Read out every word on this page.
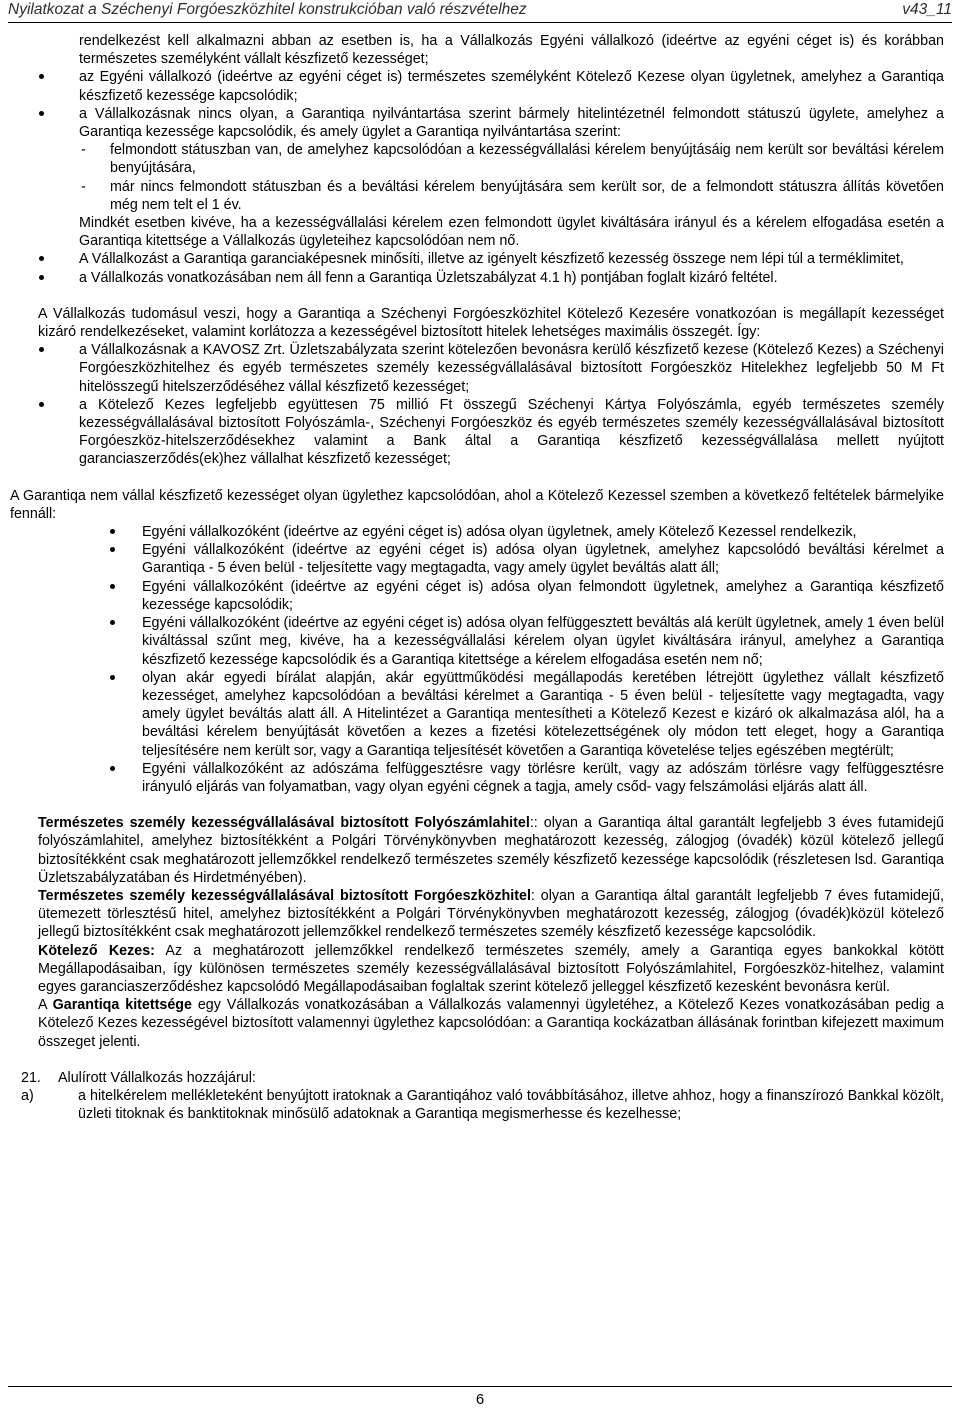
Nyilatkozat a Széchenyi Forgóeszközhitel konstrukcióban való részvételhez	v43_11

rendelkezést kell alkalmazni abban az esetben is, ha a Vállalkozás Egyéni vállalkozó (ideértve az egyéni céget is) és korábban természetes személyként vállalt készfizető kezességet;

az Egyéni vállalkozó (ideértve az egyéni céget is) természetes személyként Kötelező Kezese olyan ügyletnek, amelyhez a Garantiqa készfizető kezessége kapcsolódik;
a Vállalkozásnak nincs olyan, a Garantiqa nyilvántartása szerint bármely hitelintézetnél felmondott státuszú ügylete, amelyhez a Garantiqa kezessége kapcsolódik, és amely ügylet a Garantiqa nyilvántartása szerint:
- felmondott státuszban van, de amelyhez kapcsolódóan a kezességvállalási kérelem benyújtásáig nem került sor beváltási kérelem benyújtására,
- már nincs felmondott státuszban és a beváltási kérelem benyújtására sem került sor, de a felmondott státuszra állítás követően még nem telt el 1 év.

Mindkét esetben kivéve, ha a kezességvállalási kérelem ezen felmondott ügylet kiváltására irányul és a kérelem elfogadása esetén a Garantiqa kitettsége a Vállalkozás ügyleteihez kapcsolódóan nem nő.

A Vállalkozást a Garantiqa garanciaképesnek minősíti, illetve az igényelt készfizető kezesség összege nem lépi túl a terméklimitet,
a Vállalkozás vonatkozásában nem áll fenn a Garantiqa Üzletszabályzat 4.1 h) pontjában foglalt kizáró feltétel.

A Vállalkozás tudomásul veszi, hogy a Garantiqa a Széchenyi Forgóeszközhitel Kötelező Kezesére vonatkozóan is megállapít kezességet kizáró rendelkezéseket, valamint korlátozza a kezességével biztosított hitelek lehetséges maximális összegét. Így:

a Vállalkozásnak a KAVOSZ Zrt. Üzletszabályzata szerint kötelezően bevonásra kerülő készfizető kezese (Kötelező Kezes) a Széchenyi Forgóeszközhitelhez és egyéb természetes személy kezességvállalásával biztosított Forgóeszköz Hitelekhez legfeljebb 50 M Ft hitelösszegű hitelszerződéséhez vállal készfizető kezességet;
a Kötelező Kezes legfeljebb együttesen 75 millió Ft összegű Széchenyi Kártya Folyószámla, egyéb természetes személy kezességvállalásával biztosított Folyószámla-, Széchenyi Forgóeszköz és egyéb természetes személy kezességvállalásával biztosított Forgóeszköz-hitelszerződésekhez valamint a Bank által a Garantiqa készfizető kezességvállalása mellett nyújtott garanciaszerződés(ek)hez vállalhat készfizető kezességet;

A Garantiqa nem vállal készfizető kezességet olyan ügylethez kapcsolódóan, ahol a Kötelező Kezessel szemben a következő feltételek bármelyike fennáll:

Egyéni vállalkozóként (ideértve az egyéni céget is) adósa olyan ügyletnek, amely Kötelező Kezessel rendelkezik,
Egyéni vállalkozóként (ideértve az egyéni céget is) adósa olyan ügyletnek, amelyhez kapcsolódó beváltási kérelmet a Garantiqa - 5 éven belül - teljesítette vagy megtagadta, vagy amely ügylet beváltás alatt áll;
Egyéni vállalkozóként (ideértve az egyéni céget is) adósa olyan felmondott ügyletnek, amelyhez a Garantiqa készfizető kezessége kapcsolódik;
Egyéni vállalkozóként (ideértve az egyéni céget is) adósa olyan felfüggesztett beváltás alá került ügyletnek, amely 1 éven belül kiváltással szűnt meg, kivéve, ha a kezességvállalási kérelem olyan ügylet kiváltására irányul, amelyhez a Garantiqa készfizető kezessége kapcsolódik és a Garantiqa kitettsége a kérelem elfogadása esetén nem nő;
olyan akár egyedi bírálat alapján, akár együttműködési megállapodás keretében létrejött ügylethez vállalt készfizető kezességet, amelyhez kapcsolódóan a beváltási kérelmet a Garantiqa - 5 éven belül - teljesítette vagy megtagadta, vagy amely ügylet beváltás alatt áll. A Hitelintézet a Garantiqa mentesítheti a Kötelező Kezest e kizáró ok alkalmazása alól, ha a beváltási kérelem benyújtását követően a kezes a fizetési kötelezettségének oly módon tett eleget, hogy a Garantiqa teljesítésére nem került sor, vagy a Garantiqa teljesítését követően a Garantiqa követelése teljes egészében megtérült;
Egyéni vállalkozóként az adószáma felfüggesztésre vagy törlésre került, vagy az adószám törlésre vagy felfüggesztésre irányuló eljárás van folyamatban, vagy olyan egyéni cégnek a tagja, amely csőd- vagy felszámolási eljárás alatt áll.

Természetes személy kezességvállalásával biztosított Folyószámlahitel:: olyan a Garantiqa által garantált legfeljebb 3 éves futamidejű folyószámlahitel, amelyhez biztosítékként a Polgári Törvénykönyvben meghatározott kezesség, zálogjog (óvadék) közül kötelező jellegű biztosítékként csak meghatározott jellemzőkkel rendelkező természetes személy készfizető kezessége kapcsolódik (részletesen lsd. Garantiqa Üzletszabályzatában és Hirdetményében).

Természetes személy kezességvállalásával biztosított Forgóeszközhitel: olyan a Garantiqa által garantált legfeljebb 7 éves futamidejű, ütemezett törlesztésű hitel, amelyhez biztosítékként a Polgári Törvénykönyvben meghatározott kezesség, zálogjog (óvadék)közül kötelező jellegű biztosítékként csak meghatározott jellemzőkkel rendelkező természetes személy készfizető kezessége kapcsolódik.

Kötelező Kezes: Az a meghatározott jellemzőkkel rendelkező természetes személy, amely a Garantiqa egyes bankokkal kötött Megállapodásaiban, így különösen természetes személy kezességvállalásával biztosított Folyószámlahitel, Forgóeszköz-hitelhez, valamint egyes garanciaszerződéshez kapcsolódó Megállapodásaiban foglaltak szerint kötelező jelleggel készfizető kezesként bevonásra kerül.

A Garantiqa kitettsége egy Vállalkozás vonatkozásában a Vállalkozás valamennyi ügyletéhez, a Kötelező Kezes vonatkozásában pedig a Kötelező Kezes kezességével biztosított valamennyi ügylethez kapcsolódóan: a Garantiqa kockázatban állásának forintban kifejezett maximum összeget jelenti.

21. Alulírott Vállalkozás hozzájárul:
a)	a hitelkérelem mellékleteként benyújtott iratoknak a Garantiqához való továbbításához, illetve ahhoz, hogy a finanszírozó Bankkal közölt, üzleti titoknak és banktitoknak minősülő adatoknak a Garantiqa megismerhesse és kezelhesse;
6
